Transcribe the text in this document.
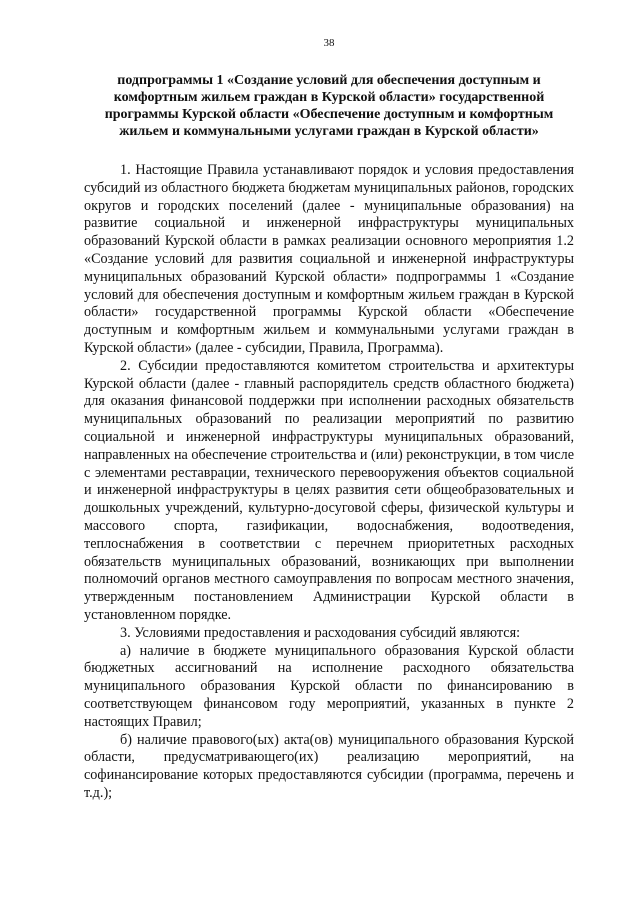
38
подпрограммы 1 «Создание условий для обеспечения доступным и комфортным жильем граждан в Курской области» государственной программы Курской области «Обеспечение доступным и комфортным жильем и коммунальными услугами граждан в Курской области»

1. Настоящие Правила устанавливают порядок и условия предоставления субсидий из областного бюджета бюджетам муниципальных районов, городских округов и городских поселений (далее - муниципальные образования) на развитие социальной и инженерной инфраструктуры муниципальных образований Курской области в рамках реализации основного мероприятия 1.2 «Создание условий для развития социальной и инженерной инфраструктуры муниципальных образований Курской области» подпрограммы 1 «Создание условий для обеспечения доступным и комфортным жильем граждан в Курской области» государственной программы Курской области «Обеспечение доступным и комфортным жильем и коммунальными услугами граждан в Курской области» (далее - субсидии, Правила, Программа).

2. Субсидии предоставляются комитетом строительства и архитектуры Курской области (далее - главный распорядитель средств областного бюджета) для оказания финансовой поддержки при исполнении расходных обязательств муниципальных образований по реализации мероприятий по развитию социальной и инженерной инфраструктуры муниципальных образований, направленных на обеспечение строительства и (или) реконструкции, в том числе с элементами реставрации, технического перевооружения объектов социальной и инженерной инфраструктуры в целях развития сети общеобразовательных и дошкольных учреждений, культурно-досуговой сферы, физической культуры и массового спорта, газификации, водоснабжения, водоотведения, теплоснабжения в соответствии с перечнем приоритетных расходных обязательств муниципальных образований, возникающих при выполнении полномочий органов местного самоуправления по вопросам местного значения, утвержденным постановлением Администрации Курской области в установленном порядке.

3. Условиями предоставления и расходования субсидий являются:

а) наличие в бюджете муниципального образования Курской области бюджетных ассигнований на исполнение расходного обязательства муниципального образования Курской области по финансированию в соответствующем финансовом году мероприятий, указанных в пункте 2 настоящих Правил;

б) наличие правового(ых) акта(ов) муниципального образования Курской области, предусматривающего(их) реализацию мероприятий, на софинансирование которых предоставляются субсидии (программа, перечень и т.д.);
